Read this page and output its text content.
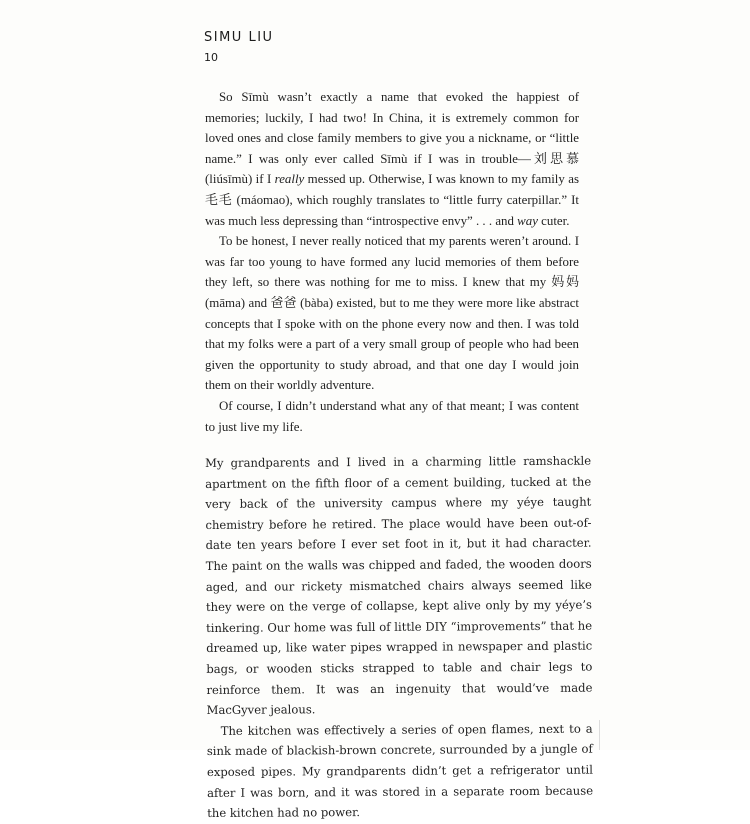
SIMU LIU
10

So Sīmù wasn’t exactly a name that evoked the happiest of memories; luckily, I had two! In China, it is extremely common for loved ones and close family members to give you a nickname, or “little name.” I was only ever called Sīmù if I was in trouble—刘思慕 (liúsīmù) if I really messed up. Otherwise, I was known to my family as 毛毛 (máomao), which roughly translates to “little furry caterpillar.” It was much less depressing than “introspective envy” . . . and way cuter.

To be honest, I never really noticed that my parents weren’t around. I was far too young to have formed any lucid memories of them before they left, so there was nothing for me to miss. I knew that my 妈妈 (māma) and 爸爸 (bàba) existed, but to me they were more like abstract concepts that I spoke with on the phone every now and then. I was told that my folks were a part of a very small group of people who had been given the opportunity to study abroad, and that one day I would join them on their worldly adventure.

Of course, I didn’t understand what any of that meant; I was content to just live my life.

My grandparents and I lived in a charming little ramshackle apartment on the fifth floor of a cement building, tucked at the very back of the university campus where my yéye taught chemistry before he retired. The place would have been out-of-date ten years before I ever set foot in it, but it had character. The paint on the walls was chipped and faded, the wooden doors aged, and our rickety mismatched chairs always seemed like they were on the verge of collapse, kept alive only by my yéye’s tinkering. Our home was full of little DIY “improvements” that he dreamed up, like water pipes wrapped in newspaper and plastic bags, or wooden sticks strapped to table and chair legs to reinforce them. It was an ingenuity that would’ve made MacGyver jealous.

The kitchen was effectively a series of open flames, next to a sink made of blackish-brown concrete, surrounded by a jungle of exposed pipes. My grandparents didn’t get a refrigerator until after I was born, and it was stored in a separate room because the kitchen had no power.
